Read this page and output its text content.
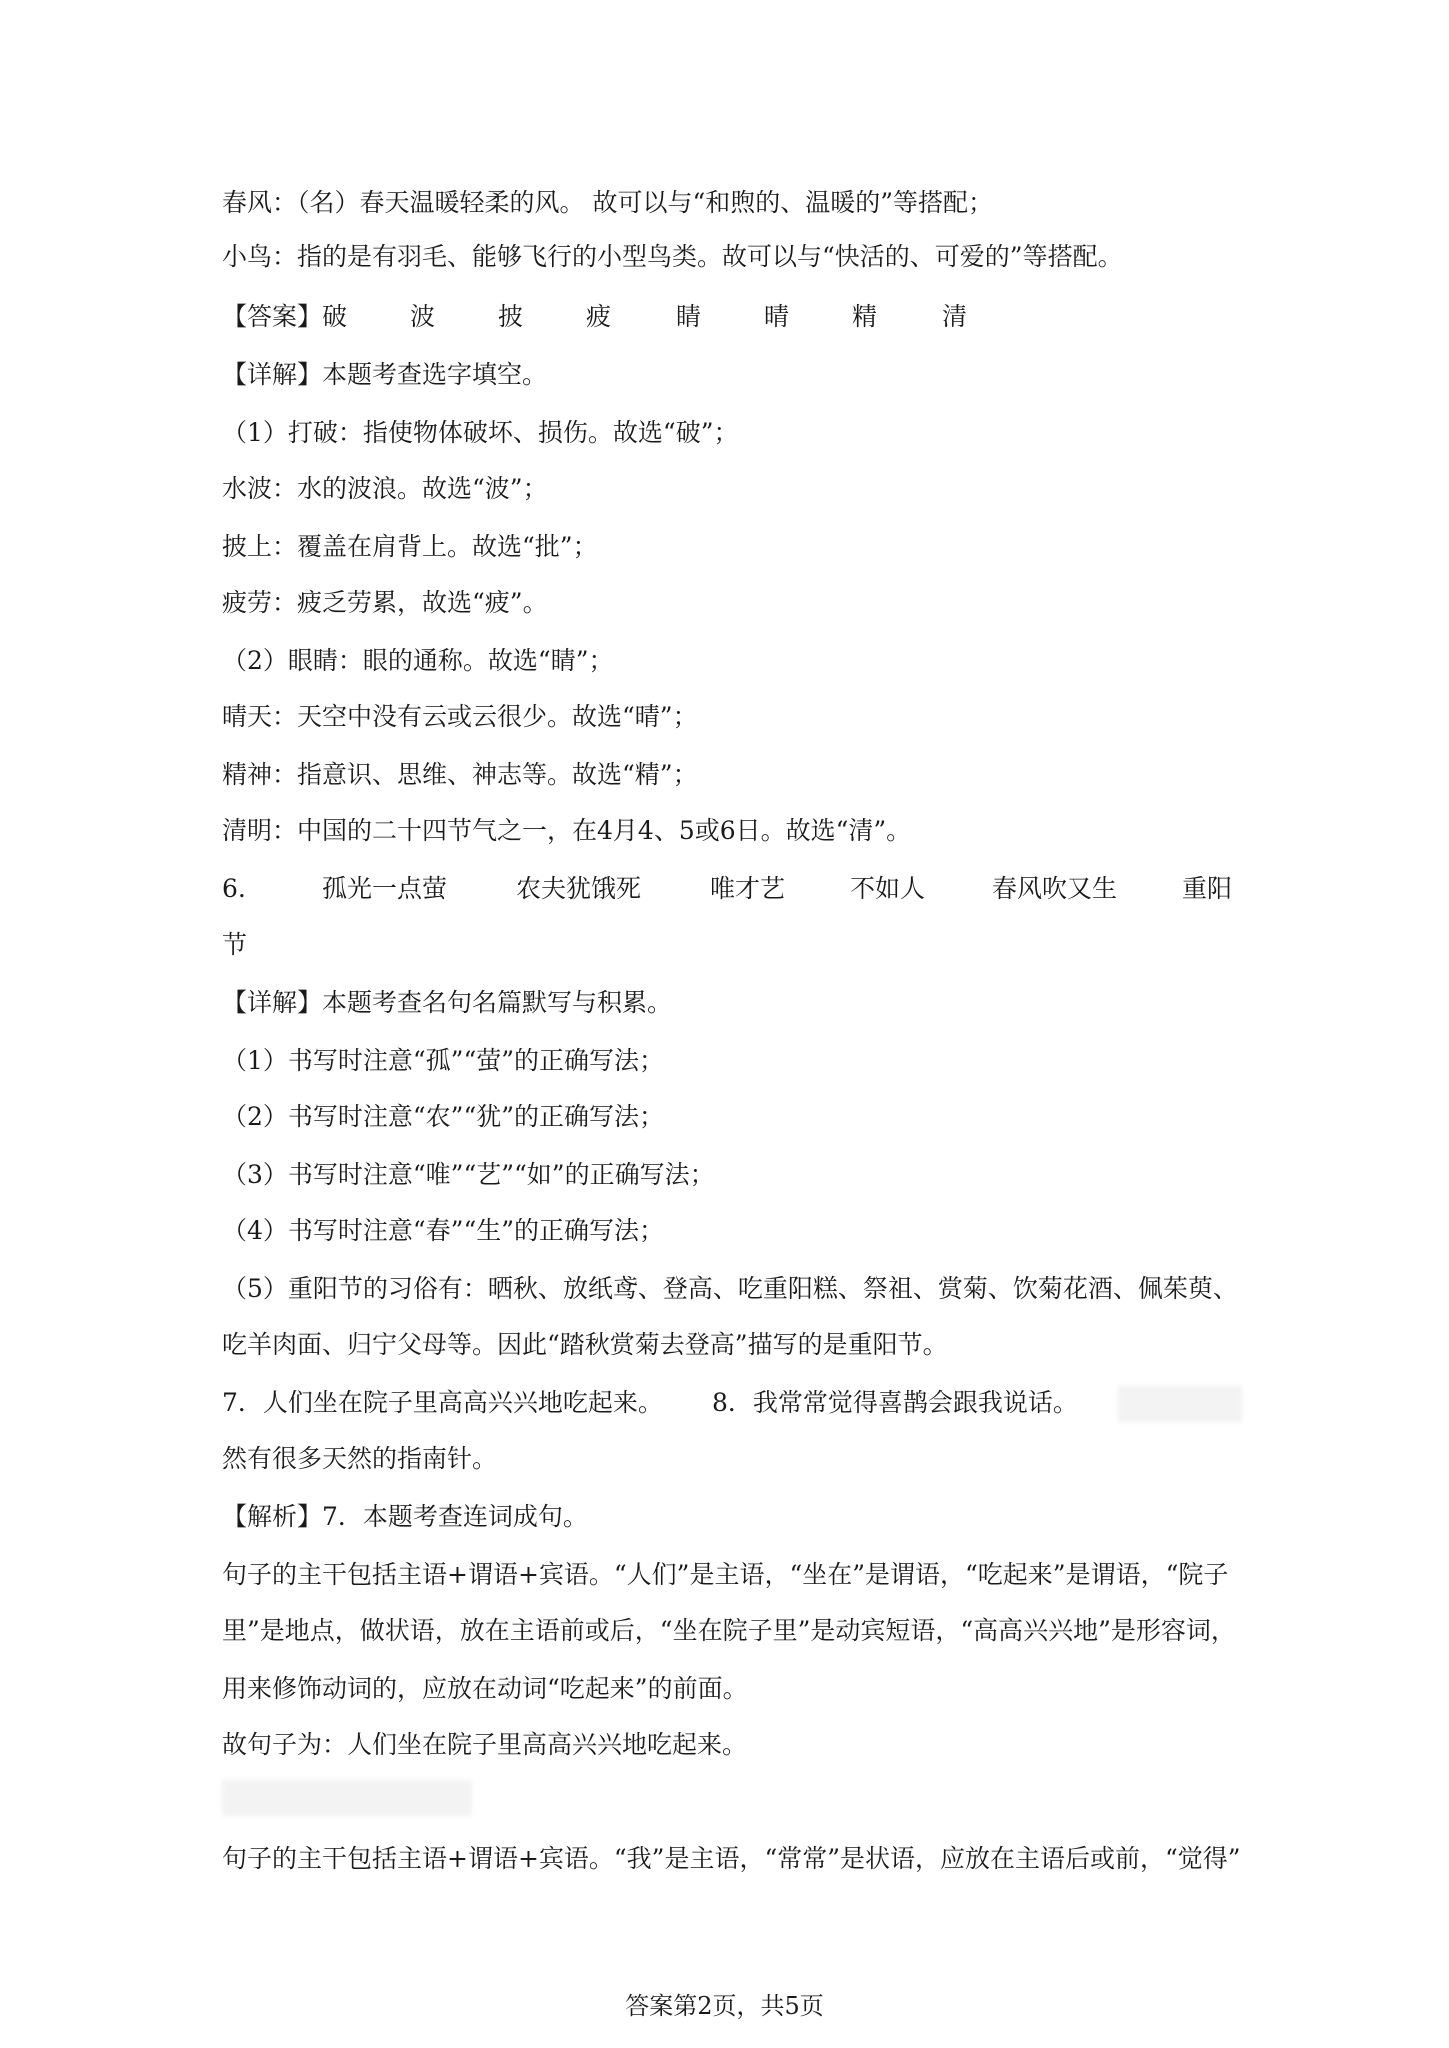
春风：（名）春天温暖轻柔的风。 故可以与“和煦的、温暖的”等搭配；
小鸟：指的是有羽毛、能够飞行的小型鸟类。故可以与“快活的、可爱的”等搭配。
【答案】破	波	披	疲	睛	晴	精	清
【详解】本题考查选字填空。
（1）打破：指使物体破坏、损伤。故选“破”；
水波：水的波浪。故选“波”；
披上：覆盖在肩背上。故选“批”；
疲劳：疲乏劳累，故选“疲”。
（2）眼睛：眼的通称。故选“睛”；
晴天：天空中没有云或云很少。故选“晴”；
精神：指意识、思维、神志等。故选“精”；
清明：中国的二十四节气之一，在4月4、5或6日。故选“清”。
6.	孤光一点萤	农夫犹饿死	唯才艺	不如人	春风吹又生	重阳
节
【详解】本题考查名句名篇默写与积累。
（1）书写时注意“孤”“萤”的正确写法；
（2）书写时注意“农”“犹”的正确写法；
（3）书写时注意“唯”“艺”“如”的正确写法；
（4）书写时注意“春”“生”的正确写法；
（5）重阳节的习俗有：晒秋、放纸鸢、登高、吃重阳糕、祭祖、赏菊、饮菊花酒、佩茱萸、
吃羊肉面、归宁父母等。因此“踏秋赏菊去登高”描写的是重阳节。
7．人们坐在院子里高高兴兴地吃起来。 8．我常常觉得喜鹊会跟我说话。
然有很多天然的指南针。
【解析】7．本题考查连词成句。
句子的主干包括主语+谓语+宾语。“人们”是主语，“坐在”是谓语，“吃起来”是谓语，“院子
里”是地点，做状语，放在主语前或后，“坐在院子里”是动宾短语，“高高兴兴地”是形容词，
用来修饰动词的，应放在动词“吃起来”的前面。
故句子为：人们坐在院子里高高兴兴地吃起来。
句子的主干包括主语+谓语+宾语。“我”是主语，“常常”是状语，应放在主语后或前，“觉得”
答案第2页，共5页
